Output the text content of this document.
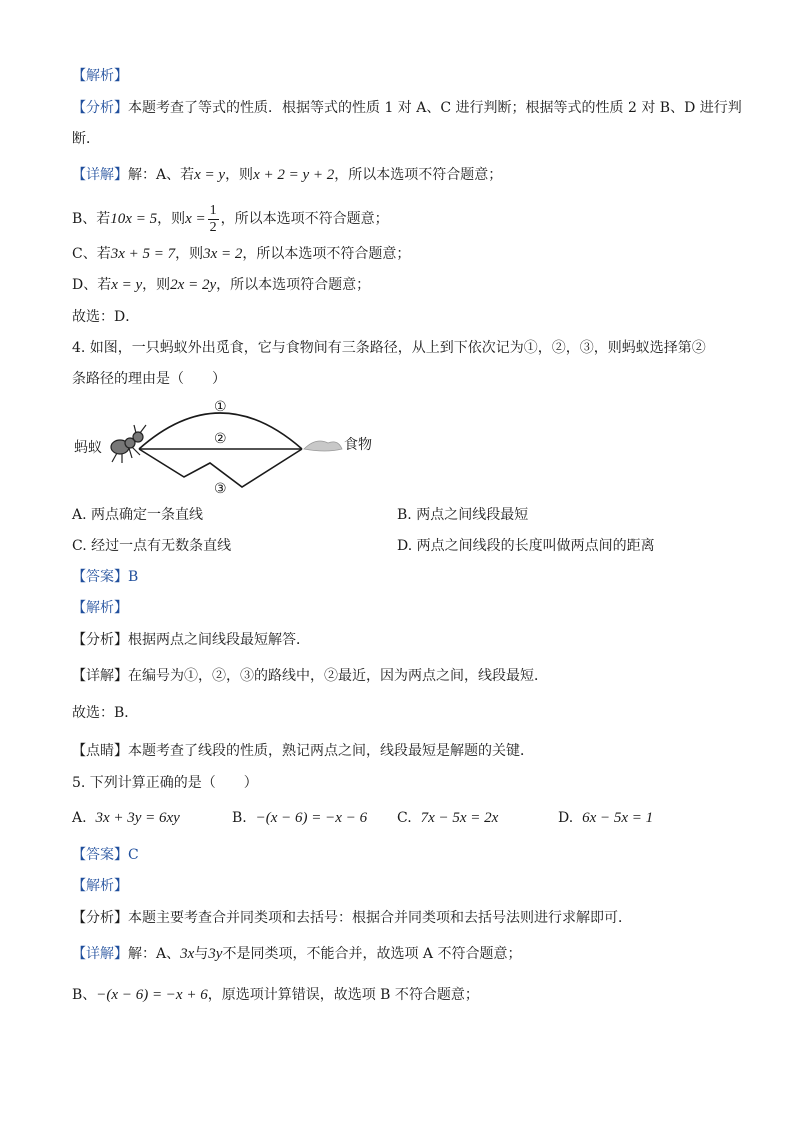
【解析】
【分析】本题考查了等式的性质．根据等式的性质 1 对 A、C 进行判断；根据等式的性质 2 对 B、D 进行判
断．
【详解】解：A、若x = y，则x + 2 = y + 2，所以本选项不符合题意；
B、若10x = 5，则$x = \frac{1}{2}$ ，所以本选项不符合题意；
C、若3x + 5 = 7，则3x = 2，所以本选项不符合题意；
D、若x = y，则2x = 2y，所以本选项符合题意；
故选：D．
4. 如图，一只蚂蚁外出觅食，它与食物间有三条路径，从上到下依次记为①，②，③，则蚂蚁选择第②
条路径的理由是（　　）
蚂蚁
①
②
③
食物
A. 两点确定一条直线	B. 两点之间线段最短
C. 经过一点有无数条直线	D. 两点之间线段的长度叫做两点间的距离
【答案】B
【解析】
【分析】根据两点之间线段最短解答．
【详解】在编号为①，②，③的路线中，②最近，因为两点之间，线段最短．
故选：B．
【点睛】本题考查了线段的性质，熟记两点之间，线段最短是解题的关键．
5. 下列计算正确的是（　　）
A. 3x + 3y = 6xy	B. −(x − 6) = −x − 6 C. 7x − 5x = 2x	D. 6x − 5x = 1
【答案】C
【解析】
【分析】本题主要考查合并同类项和去括号：根据合并同类项和去括号法则进行求解即可．
【详解】解：A、3x与3y不是同类项，不能合并，故选项 A 不符合题意；
B、−(x − 6) = −x + 6，原选项计算错误，故选项 B 不符合题意；
